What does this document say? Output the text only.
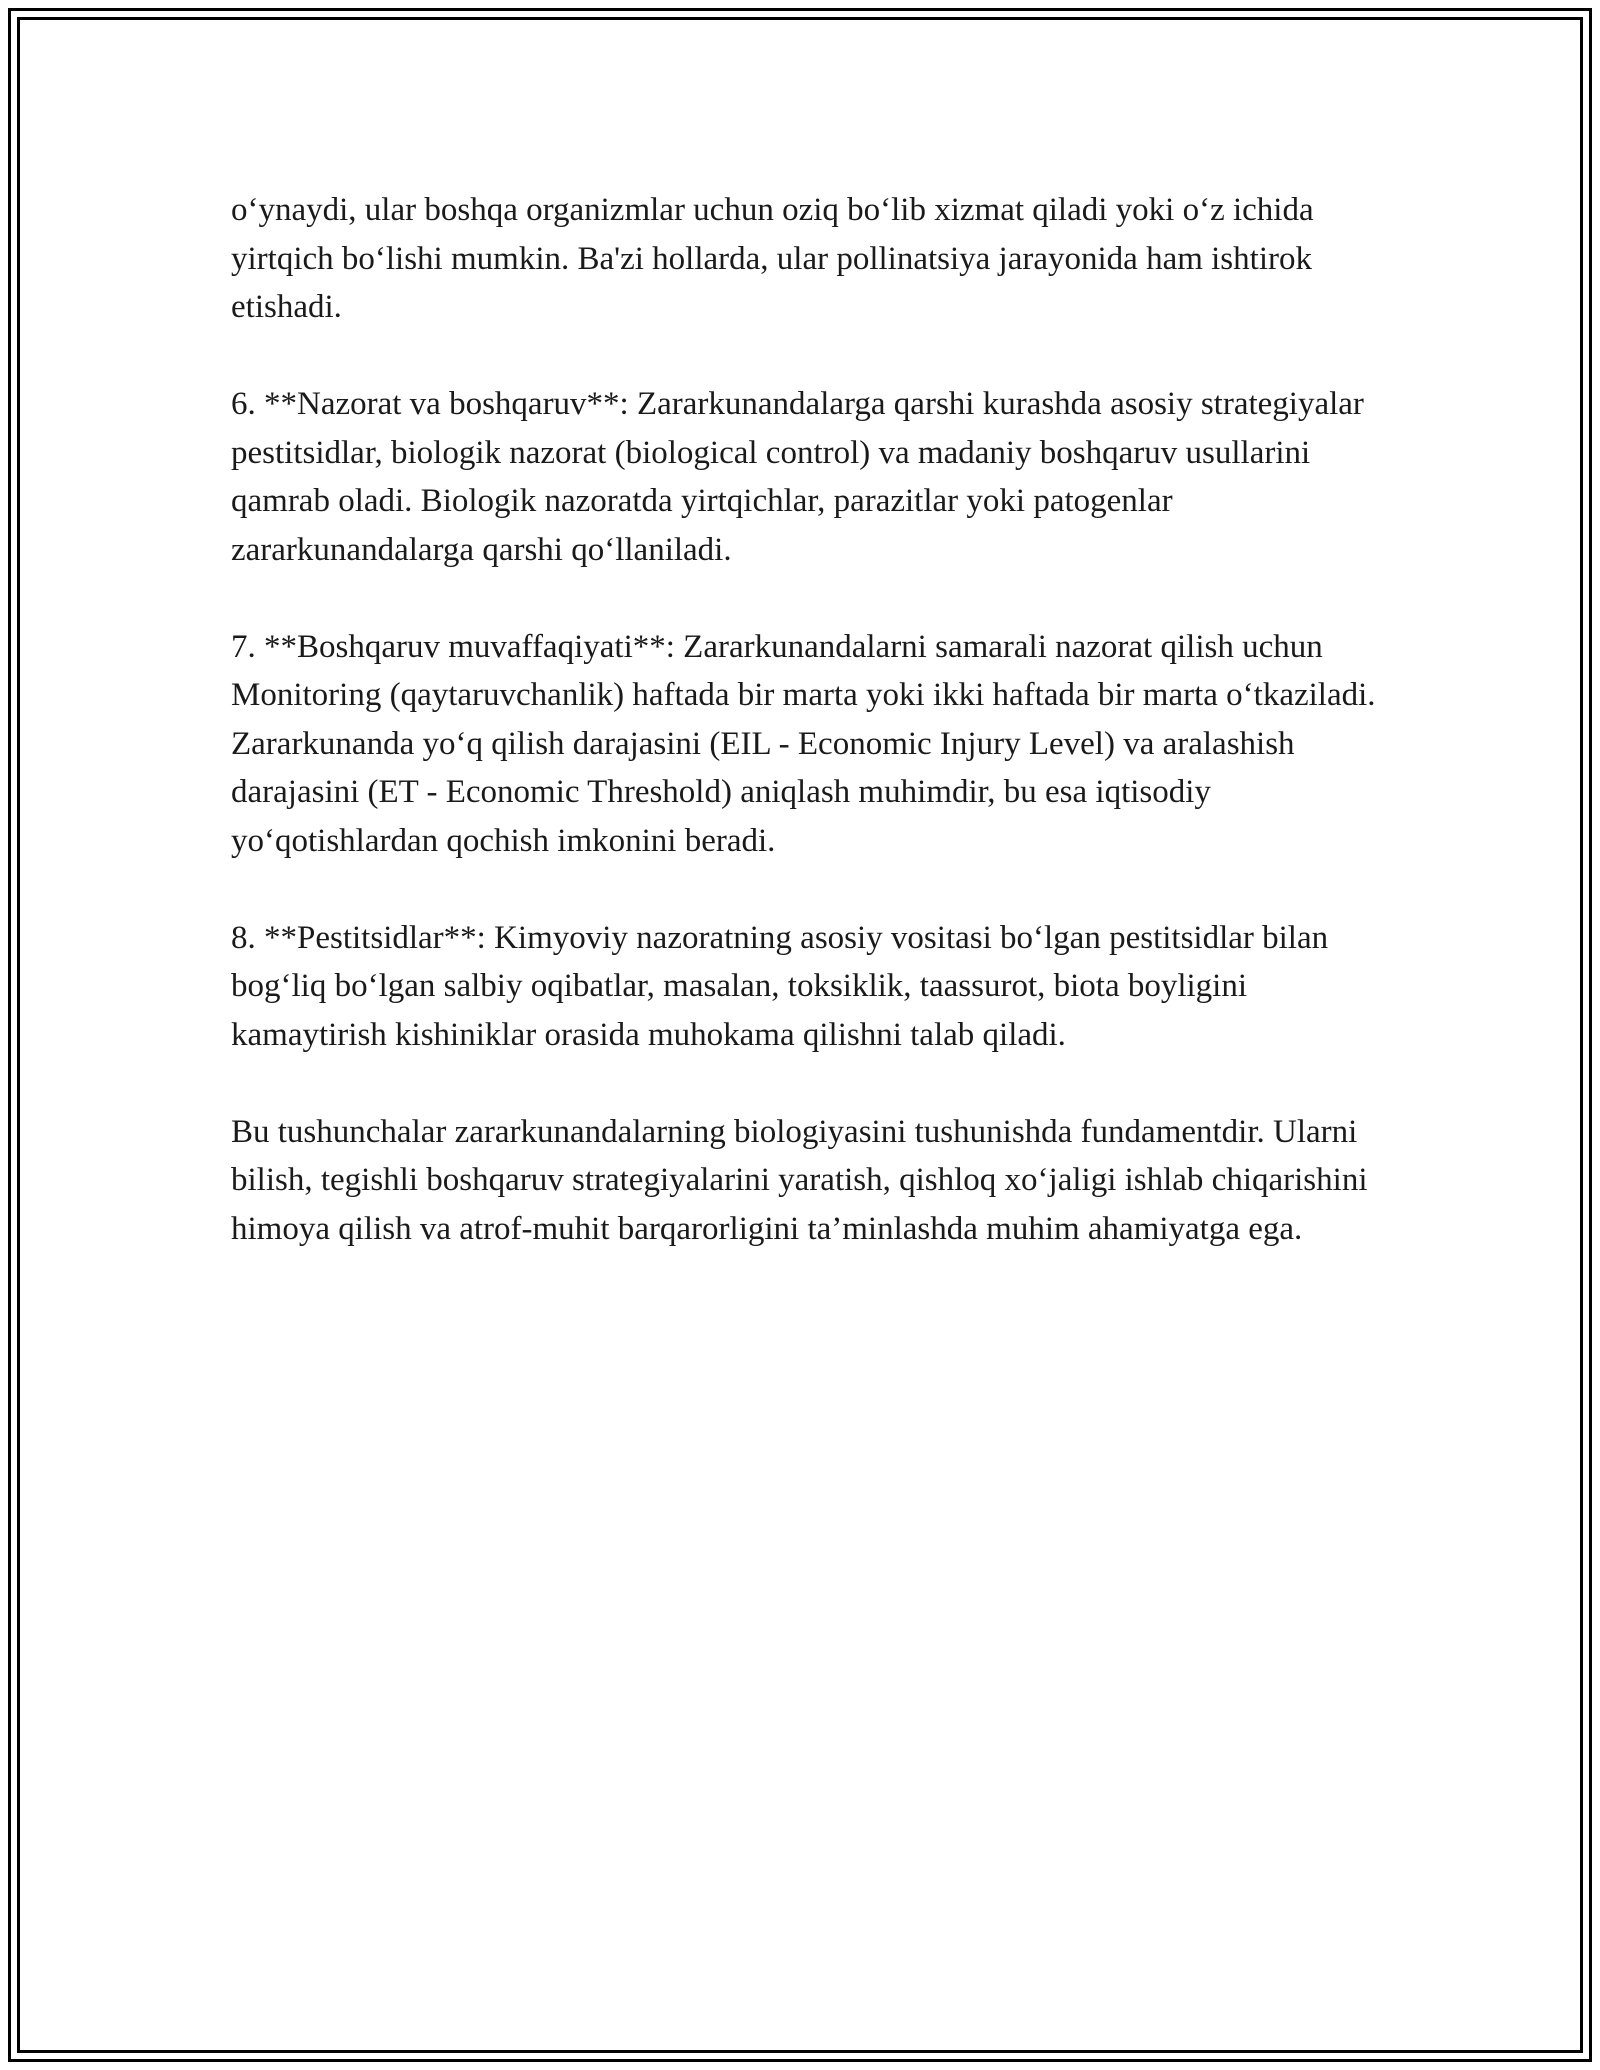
o‘ynaydi, ular boshqa organizmlar uchun oziq bo‘lib xizmat qiladi yoki o‘z ichida yirtqich bo‘lishi mumkin. Ba'zi hollarda, ular pollinatsiya jarayonida ham ishtirok etishadi.

6. **Nazorat va boshqaruv**: Zararkunandalarga qarshi kurashda asosiy strategiyalar pestitsidlar, biologik nazorat (biological control) va madaniy boshqaruv usullarini qamrab oladi. Biologik nazoratda yirtqichlar, parazitlar yoki patogenlar zararkunandalarga qarshi qo‘llaniladi.

7. **Boshqaruv muvaffaqiyati**: Zararkunandalarni samarali nazorat qilish uchun Monitoring (qaytaruvchanlik) haftada bir marta yoki ikki haftada bir marta o‘tkaziladi. Zararkunanda yo‘q qilish darajasini (EIL - Economic Injury Level) va aralashish darajasini (ET - Economic Threshold) aniqlash muhimdir, bu esa iqtisodiy yo‘qotishlardan qochish imkonini beradi.

8. **Pestitsidlar**: Kimyoviy nazoratning asosiy vositasi bo‘lgan pestitsidlar bilan bog‘liq bo‘lgan salbiy oqibatlar, masalan, toksiklik, taassurot, biota boyligini kamaytirish kishiniklar orasida muhokama qilishni talab qiladi.

Bu tushunchalar zararkunandalarning biologiyasini tushunishda fundamentdir. Ularni bilish, tegishli boshqaruv strategiyalarini yaratish, qishloq xo‘jaligi ishlab chiqarishini himoya qilish va atrof-muhit barqarorligini ta’minlashda muhim ahamiyatga ega.
